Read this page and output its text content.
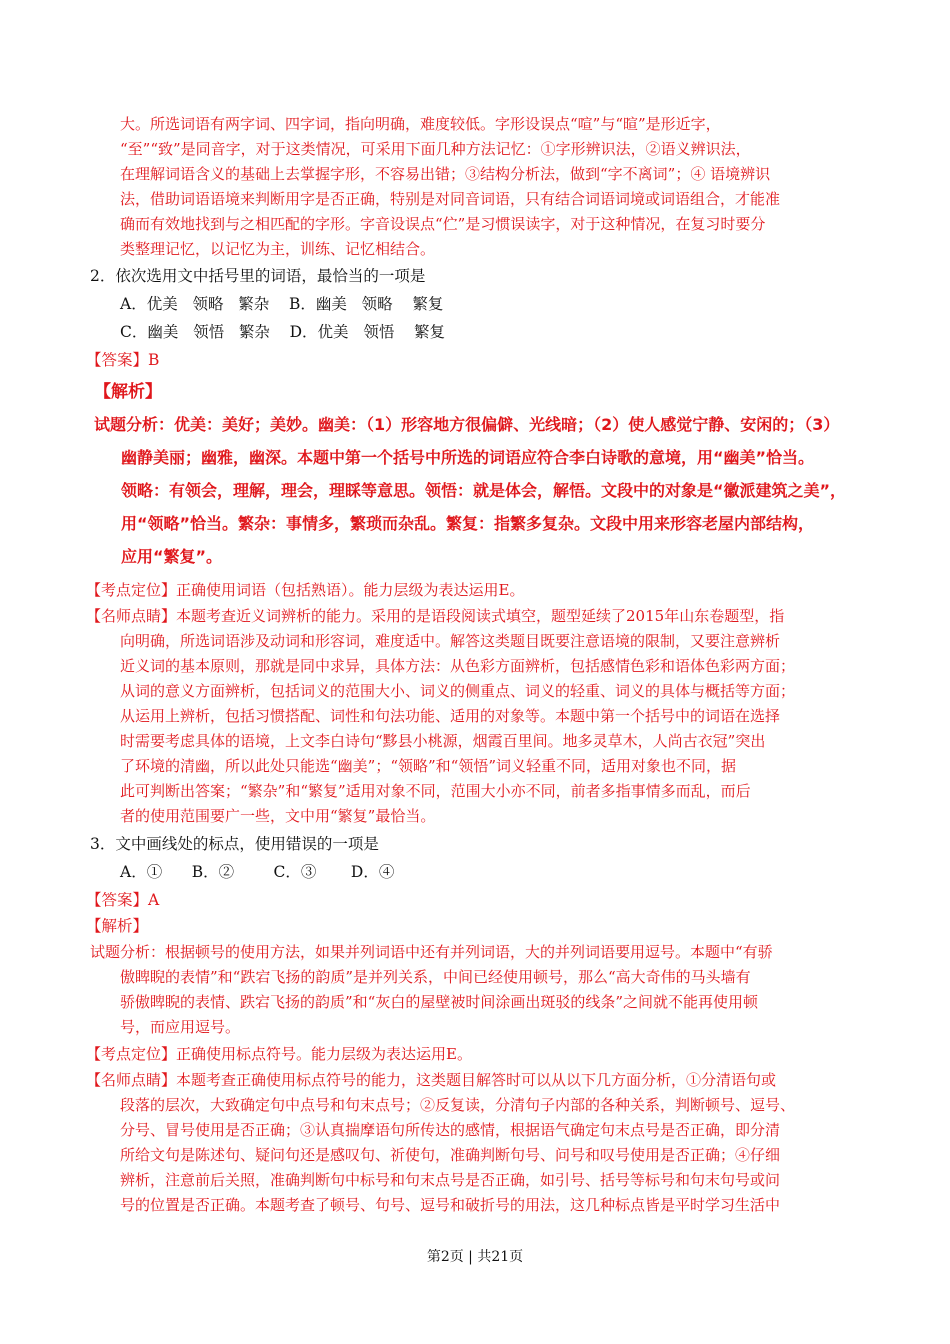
大。所选词语有两字词、四字词，指向明确，难度较低。字形设误点“喧”与“暄”是形近字，
“至”“致”是同音字，对于这类情况，可采用下面几种方法记忆：①字形辨识法，②语义辨识法，
在理解词语含义的基础上去掌握字形，不容易出错；③结构分析法，做到“字不离词”；④ 语境辨识
法，借助词语语境来判断用字是否正确，特别是对同音词语，只有结合词语词境或词语组合，才能准
确而有效地找到与之相匹配的字形。字音设误点“伫”是习惯误读字，对于这种情况，在复习时要分
类整理记忆，以记忆为主，训练、记忆相结合。
2．依次选用文中括号里的词语，最恰当的一项是
A．优美   领略   繁杂    B．幽美   领略    繁复
C．幽美   领悟   繁杂    D．优美   领悟    繁复
【答案】B
【解析】
试题分析：优美：美好；美妙。幽美：（1）形容地方很偏僻、光线暗；（2）使人感觉宁静、安闲的；（3）
幽静美丽；幽雅，幽深。本题中第一个括号中所选的词语应符合李白诗歌的意境，用“幽美”恰当。
领略：有领会，理解，理会，理睬等意思。领悟：就是体会，解悟。文段中的对象是“徽派建筑之美”，
用“领略”恰当。繁杂：事情多，繁琐而杂乱。繁复：指繁多复杂。文段中用来形容老屋内部结构，
应用“繁复”。
【考点定位】正确使用词语（包括熟语）。能力层级为表达运用E。
【名师点睛】本题考查近义词辨析的能力。采用的是语段阅读式填空，题型延续了2015年山东卷题型，指
向明确，所选词语涉及动词和形容词，难度适中。解答这类题目既要注意语境的限制，又要注意辨析
近义词的基本原则，那就是同中求异，具体方法：从色彩方面辨析，包括感情色彩和语体色彩两方面；
从词的意义方面辨析，包括词义的范围大小、词义的侧重点、词义的轻重、词义的具体与概括等方面；
从运用上辨析，包括习惯搭配、词性和句法功能、适用的对象等。本题中第一个括号中的词语在选择
时需要考虑具体的语境，上文李白诗句“黟县小桃源，烟霞百里间。地多灵草木，人尚古衣冠”突出
了环境的清幽，所以此处只能选“幽美”；“领略”和“领悟”词义轻重不同，适用对象也不同，据
此可判断出答案；“繁杂”和“繁复”适用对象不同，范围大小亦不同，前者多指事情多而乱，而后
者的使用范围要广一些，文中用“繁复”最恰当。
3．文中画线处的标点，使用错误的一项是
A．①      B．②        C．③       D．④
【答案】A
【解析】
试题分析：根据顿号的使用方法，如果并列词语中还有并列词语，大的并列词语要用逗号。本题中“有骄
傲睥睨的表情”和“跌宕飞扬的韵质”是并列关系，中间已经使用顿号，那么“高大奇伟的马头墙有
骄傲睥睨的表情、跌宕飞扬的韵质”和“灰白的屋壁被时间涂画出斑驳的线条”之间就不能再使用顿
号，而应用逗号。
【考点定位】正确使用标点符号。能力层级为表达运用E。
【名师点睛】本题考查正确使用标点符号的能力，这类题目解答时可以从以下几方面分析，①分清语句或
段落的层次，大致确定句中点号和句末点号；②反复读，分清句子内部的各种关系，判断顿号、逗号、
分号、冒号使用是否正确；③认真揣摩语句所传达的感情，根据语气确定句末点号是否正确，即分清
所给文句是陈述句、疑问句还是感叹句、祈使句，准确判断句号、问号和叹号使用是否正确；④仔细
辨析，注意前后关照，准确判断句中标号和句末点号是否正确，如引号、括号等标号和句末句号或问
号的位置是否正确。本题考查了顿号、句号、逗号和破折号的用法，这几种标点皆是平时学习生活中
第2页 | 共21页
